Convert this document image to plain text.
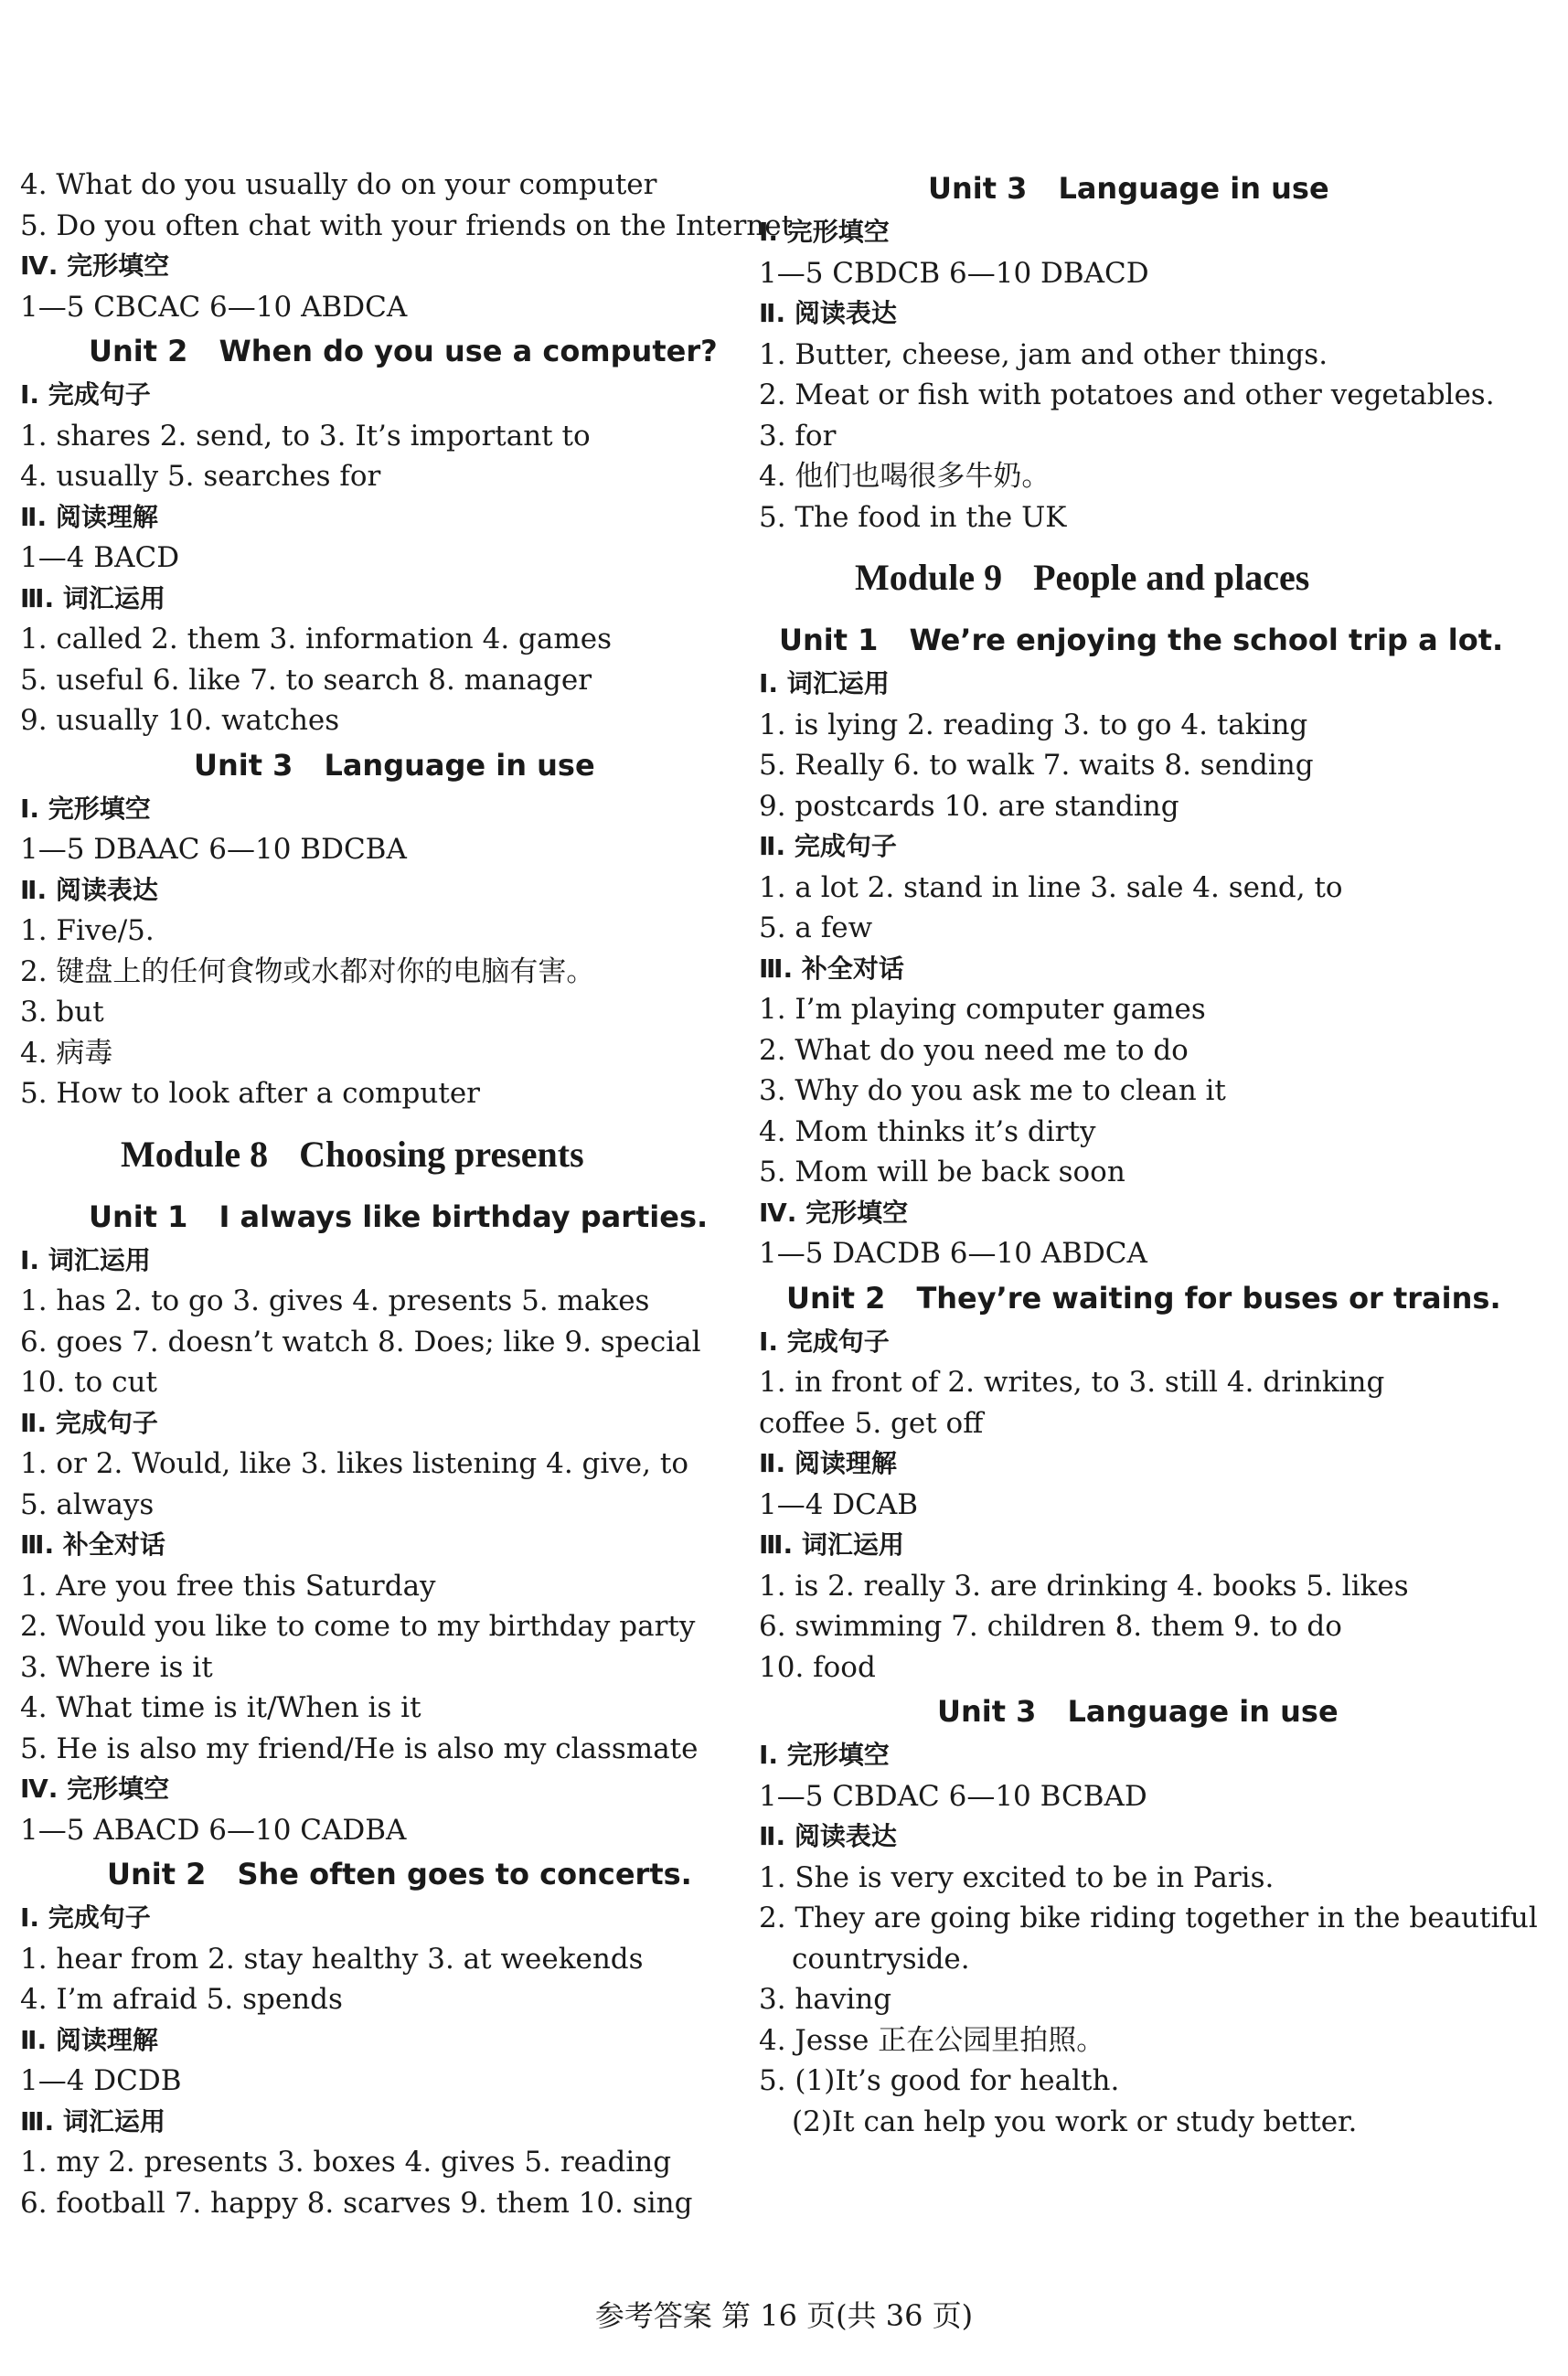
4. What do you usually do on your computer
5. Do you often chat with your friends on the Internet
Ⅳ. 完形填空
1—5 CBCAC 6—10 ABDCA
Unit 2 When do you use a computer?
Ⅰ. 完成句子
1. shares 2. send, to 3. It’s important to
4. usually 5. searches for
Ⅱ. 阅读理解
1—4 BACD
Ⅲ. 词汇运用
1. called 2. them 3. information 4. games
5. useful 6. like 7. to search 8. manager
9. usually 10. watches
Unit 3 Language in use
Ⅰ. 完形填空
1—5 DBAAC 6—10 BDCBA
Ⅱ. 阅读表达
1. Five/5.
2. 键盘上的任何食物或水都对你的电脑有害。
3. but
4. 病毒
5. How to look after a computer
Module 8 Choosing presents
Unit 1 I always like birthday parties.
Ⅰ. 词汇运用
1. has 2. to go 3. gives 4. presents 5. makes
6. goes 7. doesn’t watch 8. Does; like 9. special
10. to cut
Ⅱ. 完成句子
1. or 2. Would, like 3. likes listening 4. give, to
5. always
Ⅲ. 补全对话
1. Are you free this Saturday
2. Would you like to come to my birthday party
3. Where is it
4. What time is it/When is it
5. He is also my friend/He is also my classmate
Ⅳ. 完形填空
1—5 ABACD 6—10 CADBA
Unit 2 She often goes to concerts.
Ⅰ. 完成句子
1. hear from 2. stay healthy 3. at weekends
4. I’m afraid 5. spends
Ⅱ. 阅读理解
1—4 DCDB
Ⅲ. 词汇运用
1. my 2. presents 3. boxes 4. gives 5. reading
6. football 7. happy 8. scarves 9. them 10. sing
Unit 3 Language in use
Ⅰ. 完形填空
1—5 CBDCB 6—10 DBACD
Ⅱ. 阅读表达
1. Butter, cheese, jam and other things.
2. Meat or fish with potatoes and other vegetables.
3. for
4. 他们也喝很多牛奶。
5. The food in the UK
Module 9 People and places
Unit 1 We’re enjoying the school trip a lot.
Ⅰ. 词汇运用
1. is lying 2. reading 3. to go 4. taking
5. Really 6. to walk 7. waits 8. sending
9. postcards 10. are standing
Ⅱ. 完成句子
1. a lot 2. stand in line 3. sale 4. send, to
5. a few
Ⅲ. 补全对话
1. I’m playing computer games
2. What do you need me to do
3. Why do you ask me to clean it
4. Mom thinks it’s dirty
5. Mom will be back soon
Ⅳ. 完形填空
1—5 DACDB 6—10 ABDCA
Unit 2 They’re waiting for buses or trains.
Ⅰ. 完成句子
1. in front of 2. writes, to 3. still 4. drinking
coffee 5. get off
Ⅱ. 阅读理解
1—4 DCAB
Ⅲ. 词汇运用
1. is 2. really 3. are drinking 4. books 5. likes
6. swimming 7. children 8. them 9. to do
10. food
Unit 3 Language in use
Ⅰ. 完形填空
1—5 CBDAC 6—10 BCBAD
Ⅱ. 阅读表达
1. She is very excited to be in Paris.
2. They are going bike riding together in the beautiful
countryside.
3. having
4. Jesse 正在公园里拍照。
5. (1)It’s good for health.
(2)It can help you work or study better.
参考答案 第 16 页(共 36 页)
